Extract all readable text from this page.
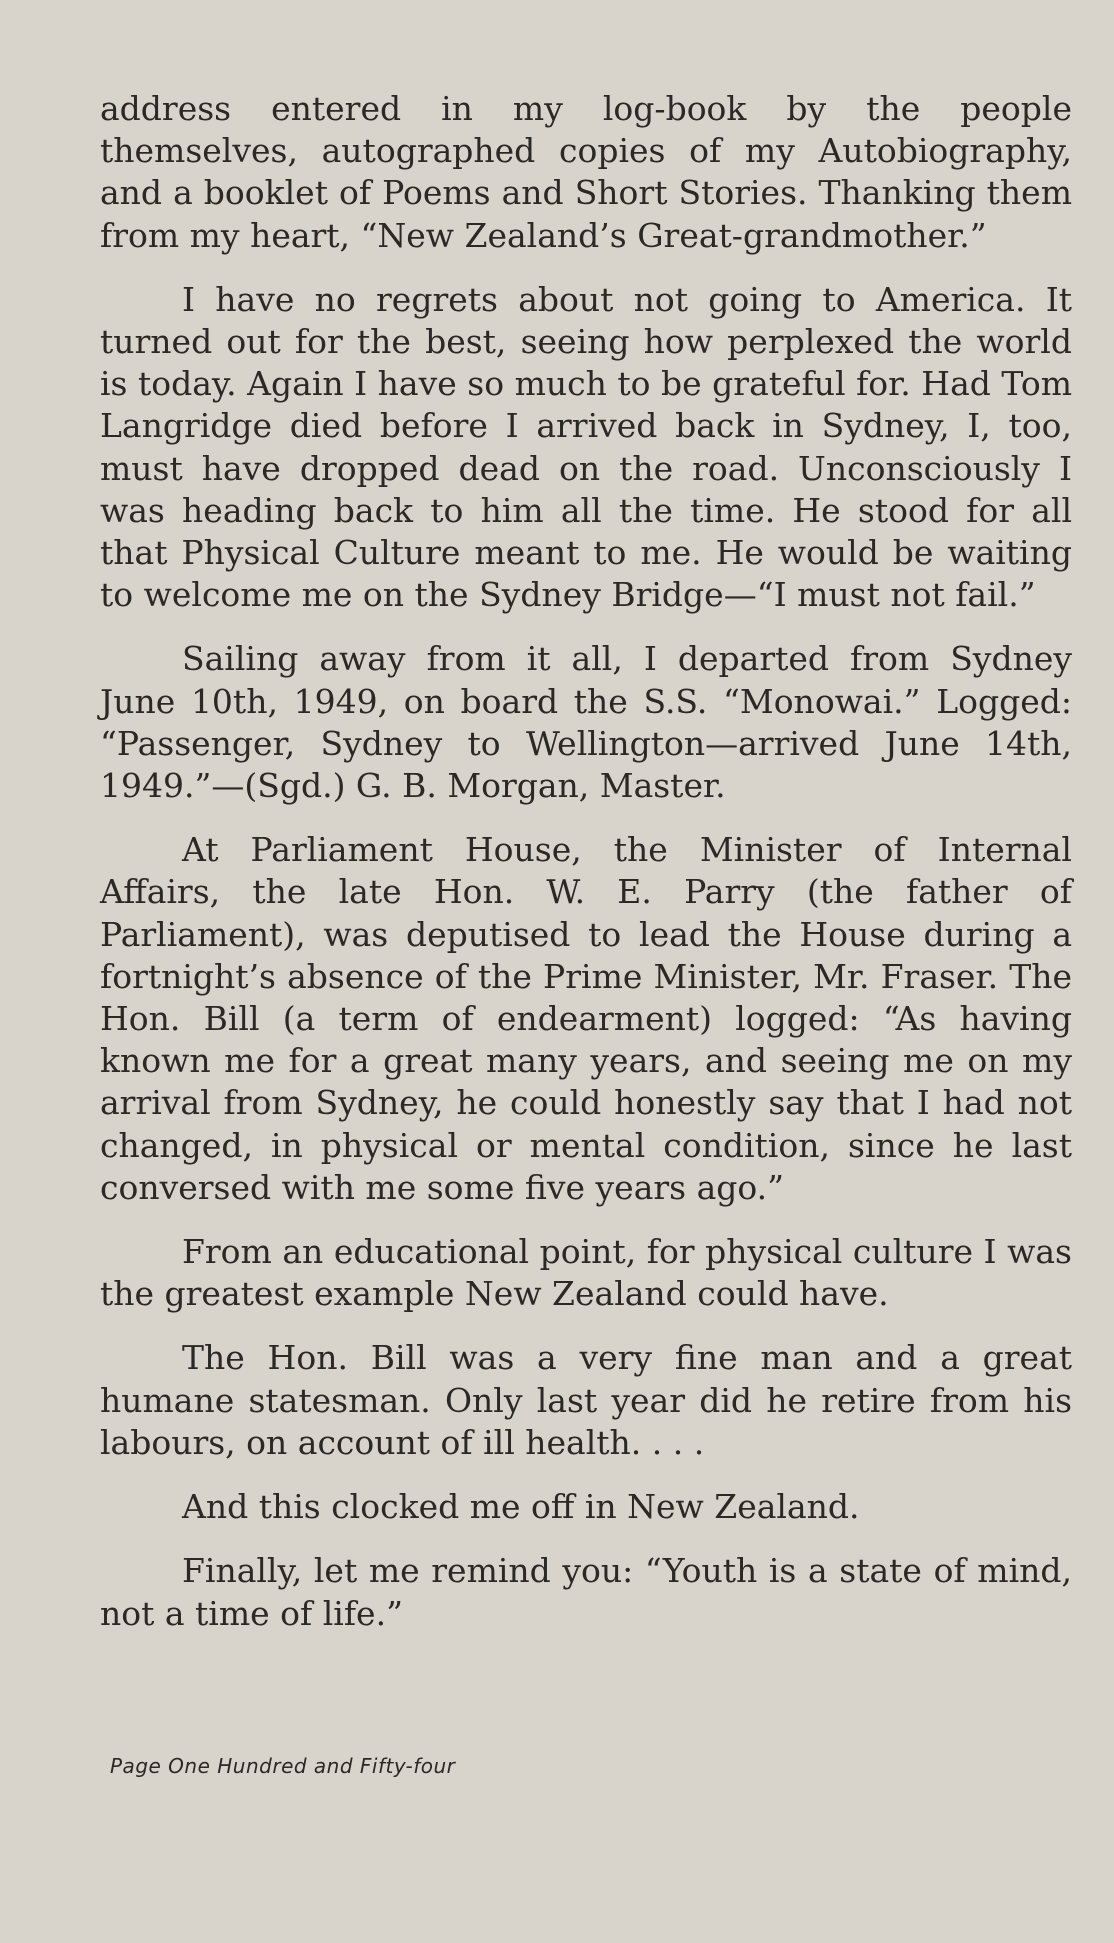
address entered in my log-book by the people themselves, autographed copies of my Autobiography, and a booklet of Poems and Short Stories. Thanking them from my heart, “New Zealand’s Great-grandmother.”

I have no regrets about not going to America. It turned out for the best, seeing how perplexed the world is today. Again I have so much to be grateful for. Had Tom Langridge died before I arrived back in Sydney, I, too, must have dropped dead on the road. Unconsciously I was heading back to him all the time. He stood for all that Physical Culture meant to me. He would be waiting to welcome me on the Sydney Bridge—“I must not fail.”

Sailing away from it all, I departed from Sydney June 10th, 1949, on board the S.S. “Monowai.” Logged: “Passenger, Sydney to Wellington—arrived June 14th, 1949.”—(Sgd.) G. B. Morgan, Master.

At Parliament House, the Minister of Internal Affairs, the late Hon. W. E. Parry (the father of Parliament), was deputised to lead the House during a fortnight’s absence of the Prime Minister, Mr. Fraser. The Hon. Bill (a term of endearment) logged: “As having known me for a great many years, and seeing me on my arrival from Sydney, he could honestly say that I had not changed, in physical or mental condition, since he last conversed with me some five years ago.”

From an educational point, for physical culture I was the greatest example New Zealand could have.

The Hon. Bill was a very fine man and a great humane statesman. Only last year did he retire from his labours, on account of ill health. . . .

And this clocked me off in New Zealand.

Finally, let me remind you: “Youth is a state of mind, not a time of life.”

Page One Hundred and Fifty-four
